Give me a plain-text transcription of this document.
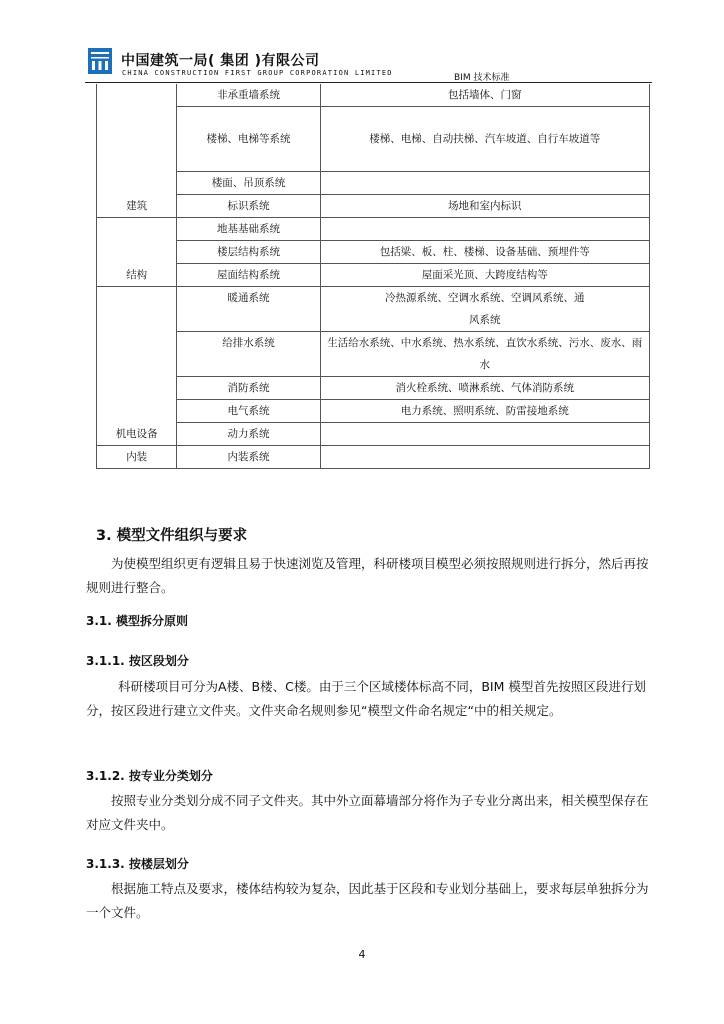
中国建筑一局( 集团 )有限公司
CHINA CONSTRUCTION FIRST GROUP CORPORATION LIMITED	BIM 技术标准
建筑	非承重墙系统	包括墙体、门窗
	楼梯、电梯等系统	楼梯、电梯、自动扶梯、汽车坡道、自行车坡道等
	楼面、吊顶系统	
	标识系统	场地和室内标识
结构	地基基础系统	
	楼层结构系统	包括梁、板、柱、楼梯、设备基础、预埋件等
	屋面结构系统	屋面采光顶、大跨度结构等
机电设备	暖通系统	冷热源系统、空调水系统、空调风系统、通风系统
	给排水系统	生活给水系统、中水系统、热水系统、直饮水系统、污水、废水、雨水
	消防系统	消火栓系统、喷淋系统、气体消防系统
	电气系统	电力系统、照明系统、防雷接地系统
	动力系统	
内装	内装系统	
3. 模型文件组织与要求
为使模型组织更有逻辑且易于快速浏览及管理，科研楼项目模型必须按照规则进行拆分，然后再按规则进行整合。
3.1. 模型拆分原则
3.1.1. 按区段划分
科研楼项目可分为A楼、B楼、C楼。由于三个区域楼体标高不同，BIM 模型首先按照区段进行划分，按区段进行建立文件夹。文件夹命名规则参见“模型文件命名规定“中的相关规定。
3.1.2. 按专业分类划分
按照专业分类划分成不同子文件夹。其中外立面幕墙部分将作为子专业分离出来，相关模型保存在对应文件夹中。
3.1.3. 按楼层划分
根据施工特点及要求，楼体结构较为复杂，因此基于区段和专业划分基础上，要求每层单独拆分为一个文件。
4
